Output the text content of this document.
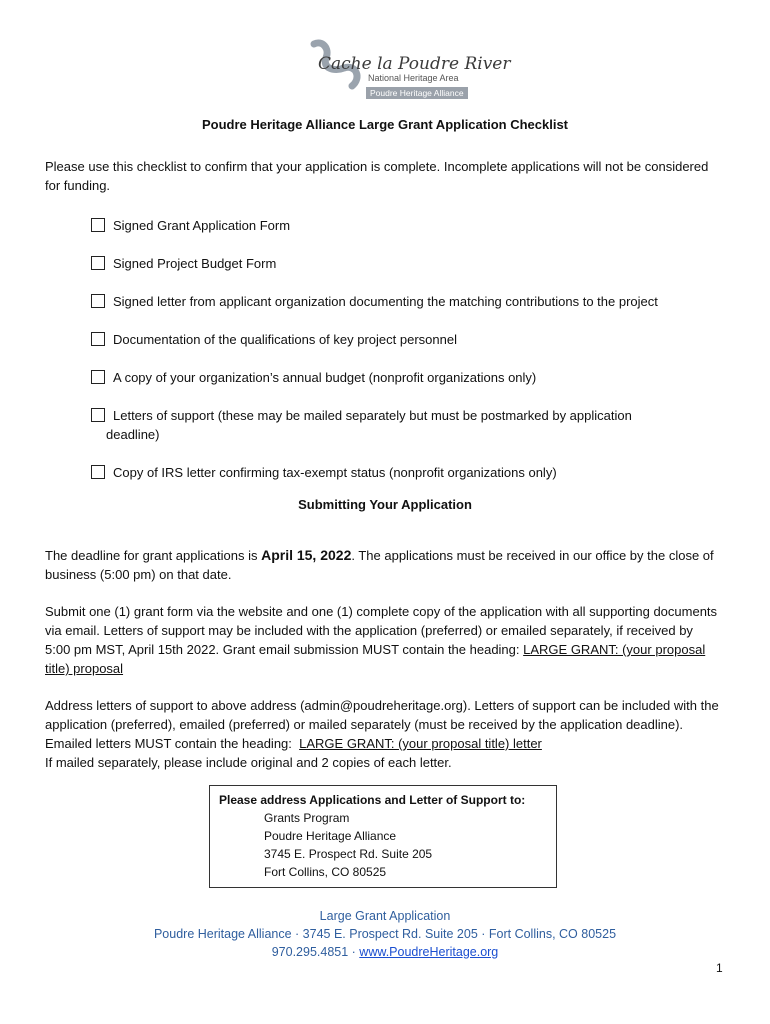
Cache la Poudre River
National Heritage Area
Poudre Heritage Alliance
Poudre Heritage Alliance Large Grant Application Checklist
Please use this checklist to confirm that your application is complete. Incomplete applications will not be considered for funding.
Signed Grant Application Form
Signed Project Budget Form
Signed letter from applicant organization documenting the matching contributions to the project
Documentation of the qualifications of key project personnel
A copy of your organization’s annual budget (nonprofit organizations only)
Letters of support (these may be mailed separately but must be postmarked by application
deadline)
Copy of IRS letter confirming tax-exempt status (nonprofit organizations only)
Submitting Your Application
The deadline for grant applications is April 15, 2022. The applications must be received in our office by the close of business (5:00 pm) on that date.
Submit one (1) grant form via the website and one (1) complete copy of the application with all supporting documents via email. Letters of support may be included with the application (preferred) or emailed separately, if received by 5:00 pm MST, April 15th 2022. Grant email submission MUST contain the heading: LARGE GRANT: (your proposal title) proposal
Address letters of support to above address (admin@poudreheritage.org). Letters of support can be included with the application (preferred), emailed (preferred) or mailed separately (must be received by the application deadline). Emailed letters MUST contain the heading: LARGE GRANT: (your proposal title) letter
If mailed separately, please include original and 2 copies of each letter.
Please address Applications and Letter of Support to:
Grants Program
Poudre Heritage Alliance
3745 E. Prospect Rd. Suite 205
Fort Collins, CO 80525
Large Grant Application
Poudre Heritage Alliance · 3745 E. Prospect Rd. Suite 205 · Fort Collins, CO 80525
970.295.4851 · www.PoudreHeritage.org
1
